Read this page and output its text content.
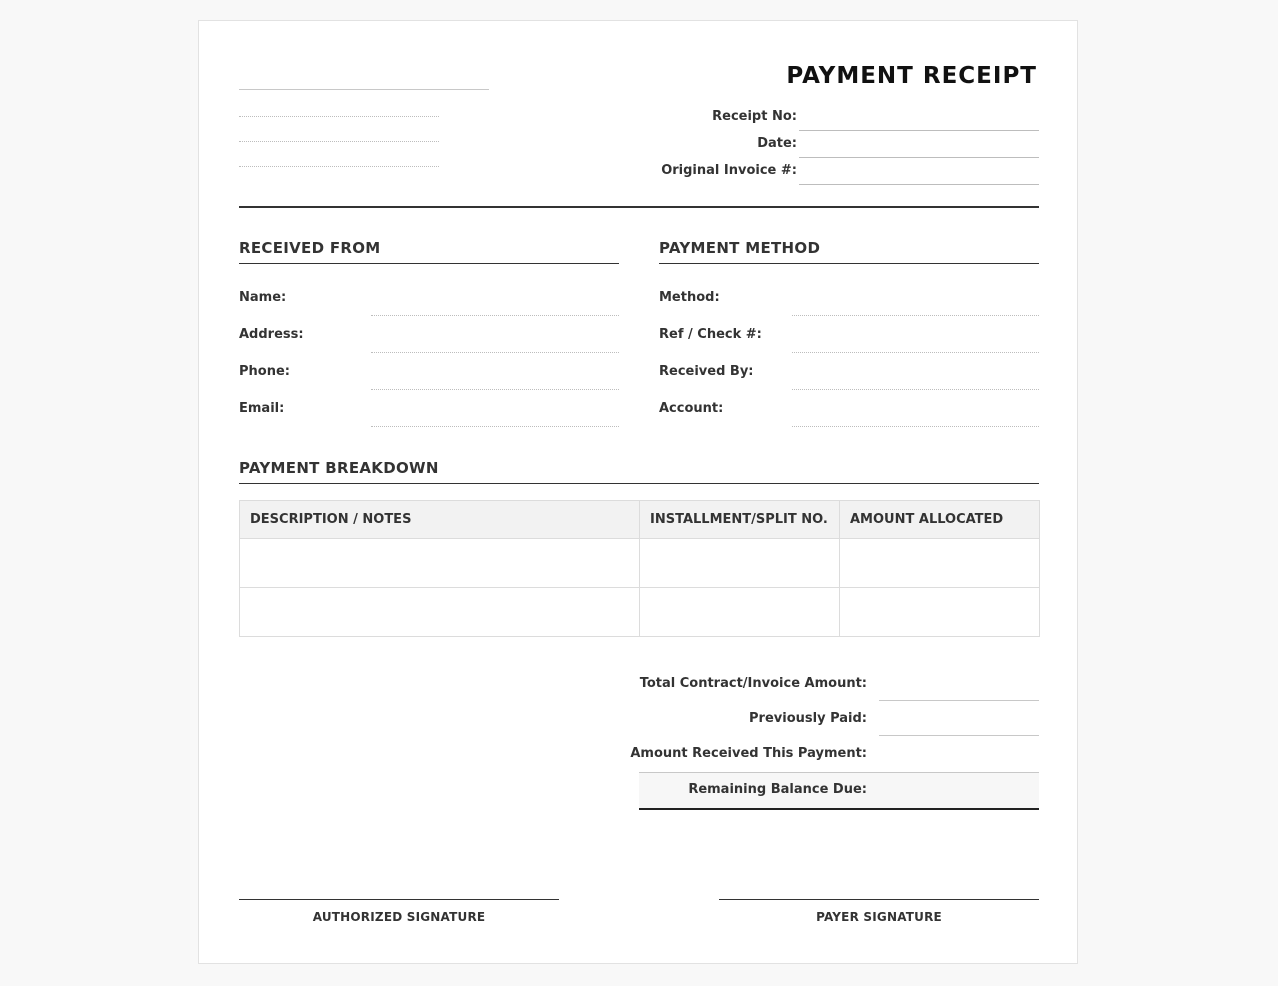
PAYMENT RECEIPT
Receipt No:
Date:
Original Invoice #:
RECEIVED FROM
Name:
Address:
Phone:
Email:
PAYMENT METHOD
Method:
Ref / Check #:
Received By:
Account:
PAYMENT BREAKDOWN
DESCRIPTION / NOTES	INSTALLMENT/SPLIT NO.	AMOUNT ALLOCATED

Total Contract/Invoice Amount:
Previously Paid:
Amount Received This Payment:
Remaining Balance Due:
AUTHORIZED SIGNATURE	PAYER SIGNATURE
